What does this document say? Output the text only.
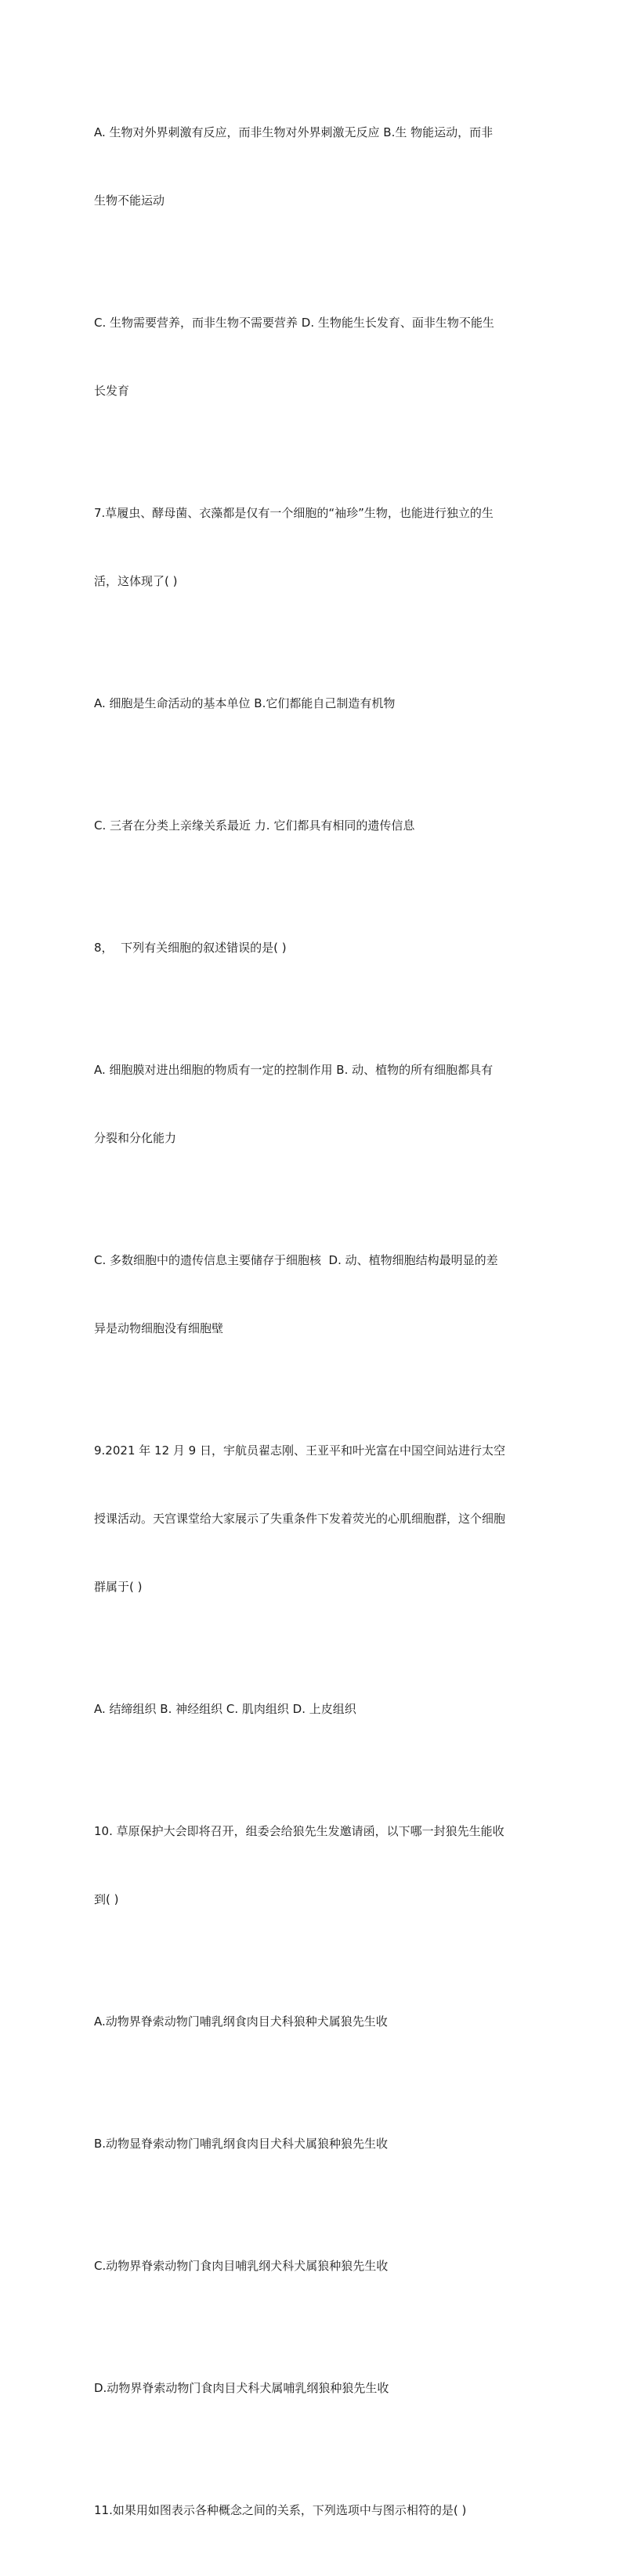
A. 生物对外界刺激有反应，而非生物对外界刺激无反应 B.生 物能运动，而非

生物不能运动

C. 生物需要营养，而非生物不需要营养 D. 生物能生长发育、面非生物不能生

长发育

7.草履虫、酵母菌、衣藻都是仅有一个细胞的“袖珍”生物，也能进行独立的生

活，这体现了( )

A. 细胞是生命活动的基本单位 B.它们都能自己制造有机物

C. 三者在分类上亲缘关系最近 力. 它们都具有相同的遗传信息

8，  下列有关细胞的叙述错误的是( )

A. 细胞膜对进出细胞的物质有一定的控制作用 B. 动、植物的所有细胞都具有

分裂和分化能力

C. 多数细胞中的遗传信息主要储存于细胞核  D. 动、植物细胞结构最明显的差

异是动物细胞没有细胞壁

9.2021 年 12 月 9 日，宇航员翟志刚、王亚平和叶光富在中国空间站进行太空

授课活动。天宫课堂给大家展示了失重条件下发着荧光的心肌细胞群，这个细胞

群属于( )

A. 结缔组织 B. 神经组织 C. 肌肉组织 D. 上皮组织

10. 草原保护大会即将召开，组委会给狼先生发邀请函，以下哪一封狼先生能收

到( )

A.动物界脊索动物门哺乳纲食肉目犬科狼种犬属狼先生收

B.动物显脊索动物门哺乳纲食肉目犬科犬属狼种狼先生收

C.动物界脊索动物门食肉目哺乳纲犬科犬属狼种狼先生收

D.动物界脊索动物门食肉目犬科犬属哺乳纲狼种狼先生收

11.如果用如图表示各种概念之间的关系，下列选项中与图示相符的是( )
